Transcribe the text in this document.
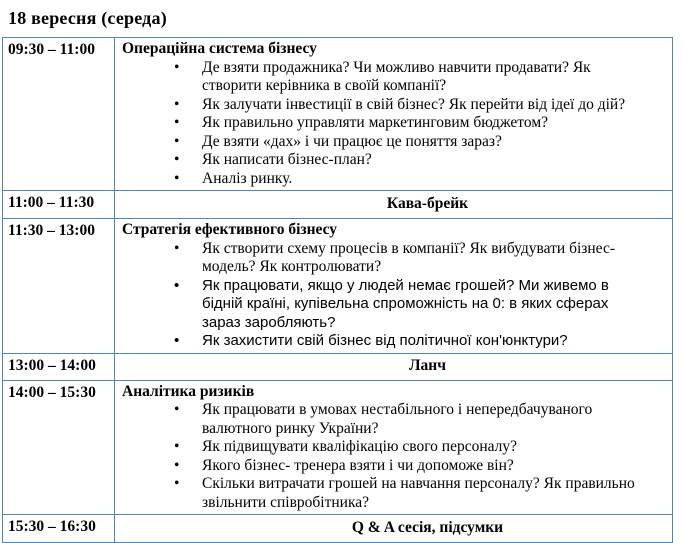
18 вересня (середа)
09:30 – 11:00	Операційна система бізнесу
• Де взяти продажника? Чи можливо навчити продавати? Як створити керівника в своїй компанії?
• Як залучати інвестиції в свій бізнес? Як перейти від ідеї до дій?
• Як правильно управляти маркетинговим бюджетом?
• Де взяти «дах» і чи працює це поняття зараз?
• Як написати бізнес-план?
• Аналіз ринку.

11:00 – 11:30	Кава-брейк
11:30 – 13:00	Стратегія ефективного бізнесу
• Як створити схему процесів в компанії? Як вибудувати бізнес-модель? Як контролювати?
• Як працювати, якщо у людей немає грошей? Ми живемо в бідній країні, купівельна спроможність на 0: в яких сферах зараз заробляють?
• Як захистити свій бізнес від політичної кон'юнктури?

13:00 – 14:00	Ланч
14:00 – 15:30	Аналітика ризиків
• Як працювати в умовах нестабільного і непередбачуваного валютного ринку України?
• Як підвищувати кваліфікацію свого персоналу?
• Якого бізнес- тренера взяти і чи допоможе він?
• Скільки витрачати грошей на навчання персоналу? Як правильно звільнити співробітника?

15:30 – 16:30	Q & A сесія, підсумки
